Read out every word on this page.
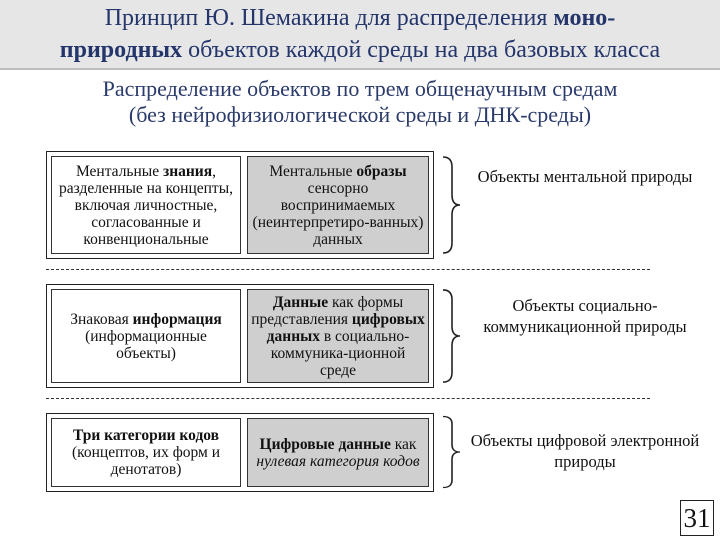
Принцип Ю. Шемакина для распределения моно-
природных объектов каждой среды на два базовых класса
Распределение объектов по трем общенаучным средам
(без нейрофизиологической среды и ДНК-среды)

Ментальные знания, разделенные на концепты, включая личностные, согласованные и конвенциональные

Ментальные образы сенсорно воспринимаемых (неинтерпретиро-ванных) данных

Объекты ментальной природы

Знаковая информация (информационные объекты)

Данные как формы представления цифровых данных в социально-коммуника-ционной среде

Объекты социально-коммуникационной природы

Три категории кодов (концептов, их форм и денотатов)

Цифровые данные как нулевая категория кодов

Объекты цифровой электронной природы
31
